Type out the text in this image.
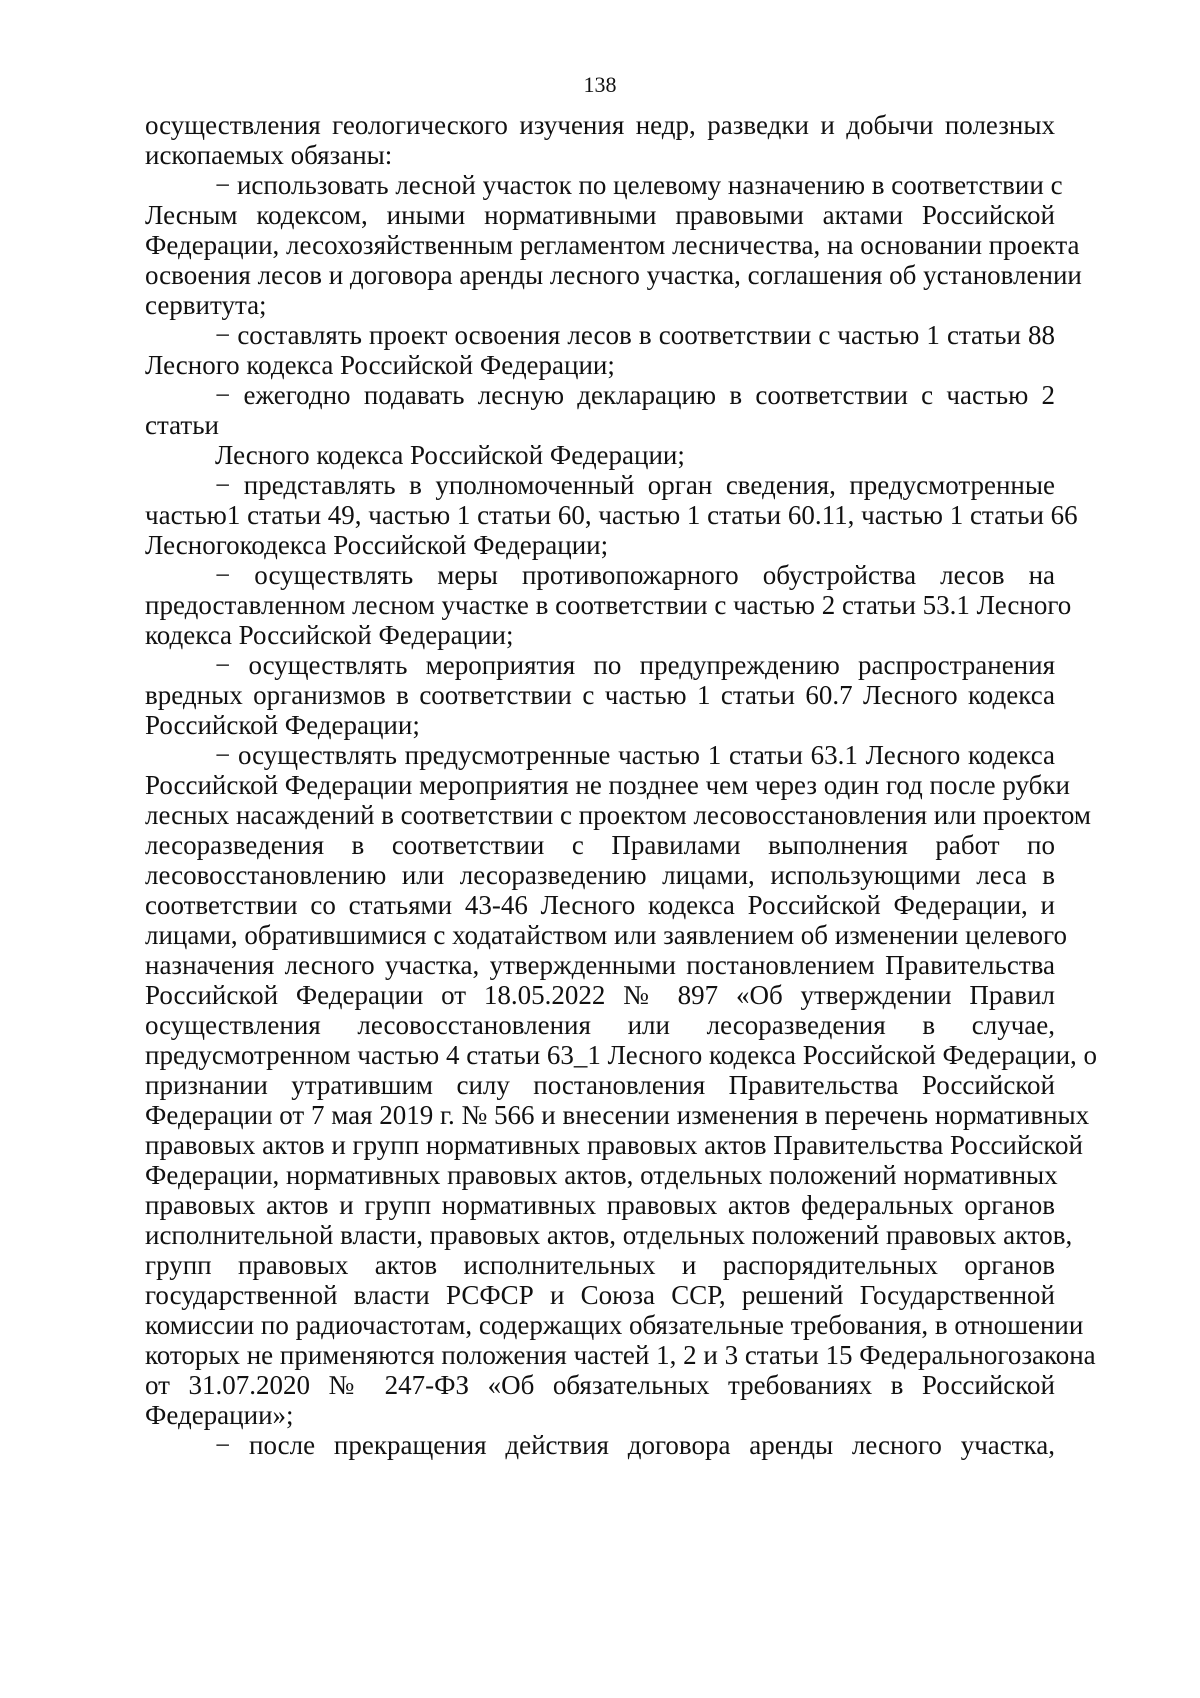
138
осуществления геологического изучения недр, разведки и добычи полезных
ископаемых обязаны:
− использовать лесной участок по целевому назначению в соответствии с
Лесным кодексом, иными нормативными правовыми актами Российской
Федерации, лесохозяйственным регламентом лесничества, на основании проекта
освоения лесов и договора аренды лесного участка, соглашения об установлении
сервитута;
− составлять проект освоения лесов в соответствии с частью 1 статьи 88
Лесного кодекса Российской Федерации;
− ежегодно подавать лесную декларацию в соответствии с частью 2
статьи
Лесного кодекса Российской Федерации;
− представлять в уполномоченный орган сведения, предусмотренные
частью1 статьи 49, частью 1 статьи 60, частью 1 статьи 60.11, частью 1 статьи 66
Лесногокодекса Российской Федерации;
− осуществлять меры противопожарного обустройства лесов на
предоставленном лесном участке в соответствии с частью 2 статьи 53.1 Лесного
кодекса Российской Федерации;
− осуществлять мероприятия по предупреждению распространения
вредных организмов в соответствии с частью 1 статьи 60.7 Лесного кодекса
Российской Федерации;
− осуществлять предусмотренные частью 1 статьи 63.1 Лесного кодекса
Российской Федерации мероприятия не позднее чем через один год после рубки
лесных насаждений в соответствии с проектом лесовосстановления или проектом
лесоразведения в соответствии с Правилами выполнения работ по
лесовосстановлению или лесоразведению лицами, использующими леса в
соответствии со статьями 43-46 Лесного кодекса Российской Федерации, и
лицами, обратившимися с ходатайством или заявлением об изменении целевого
назначения лесного участка, утвержденными постановлением Правительства
Российской Федерации от 18.05.2022 № 897 «Об утверждении Правил
осуществления лесовосстановления или лесоразведения в случае,
предусмотренном частью 4 статьи 63_1 Лесного кодекса Российской Федерации, о
признании утратившим силу постановления Правительства Российской
Федерации от 7 мая 2019 г. № 566 и внесении изменения в перечень нормативных
правовых актов и групп нормативных правовых актов Правительства Российской
Федерации, нормативных правовых актов, отдельных положений нормативных
правовых актов и групп нормативных правовых актов федеральных органов
исполнительной власти, правовых актов, отдельных положений правовых актов,
групп правовых актов исполнительных и распорядительных органов
государственной власти РСФСР и Союза ССР, решений Государственной
комиссии по радиочастотам, содержащих обязательные требования, в отношении
которых не применяются положения частей 1, 2 и 3 статьи 15 Федеральногозакона
от 31.07.2020 № 247-ФЗ «Об обязательных требованиях в Российской
Федерации»;
− после прекращения действия договора аренды лесного участка,
